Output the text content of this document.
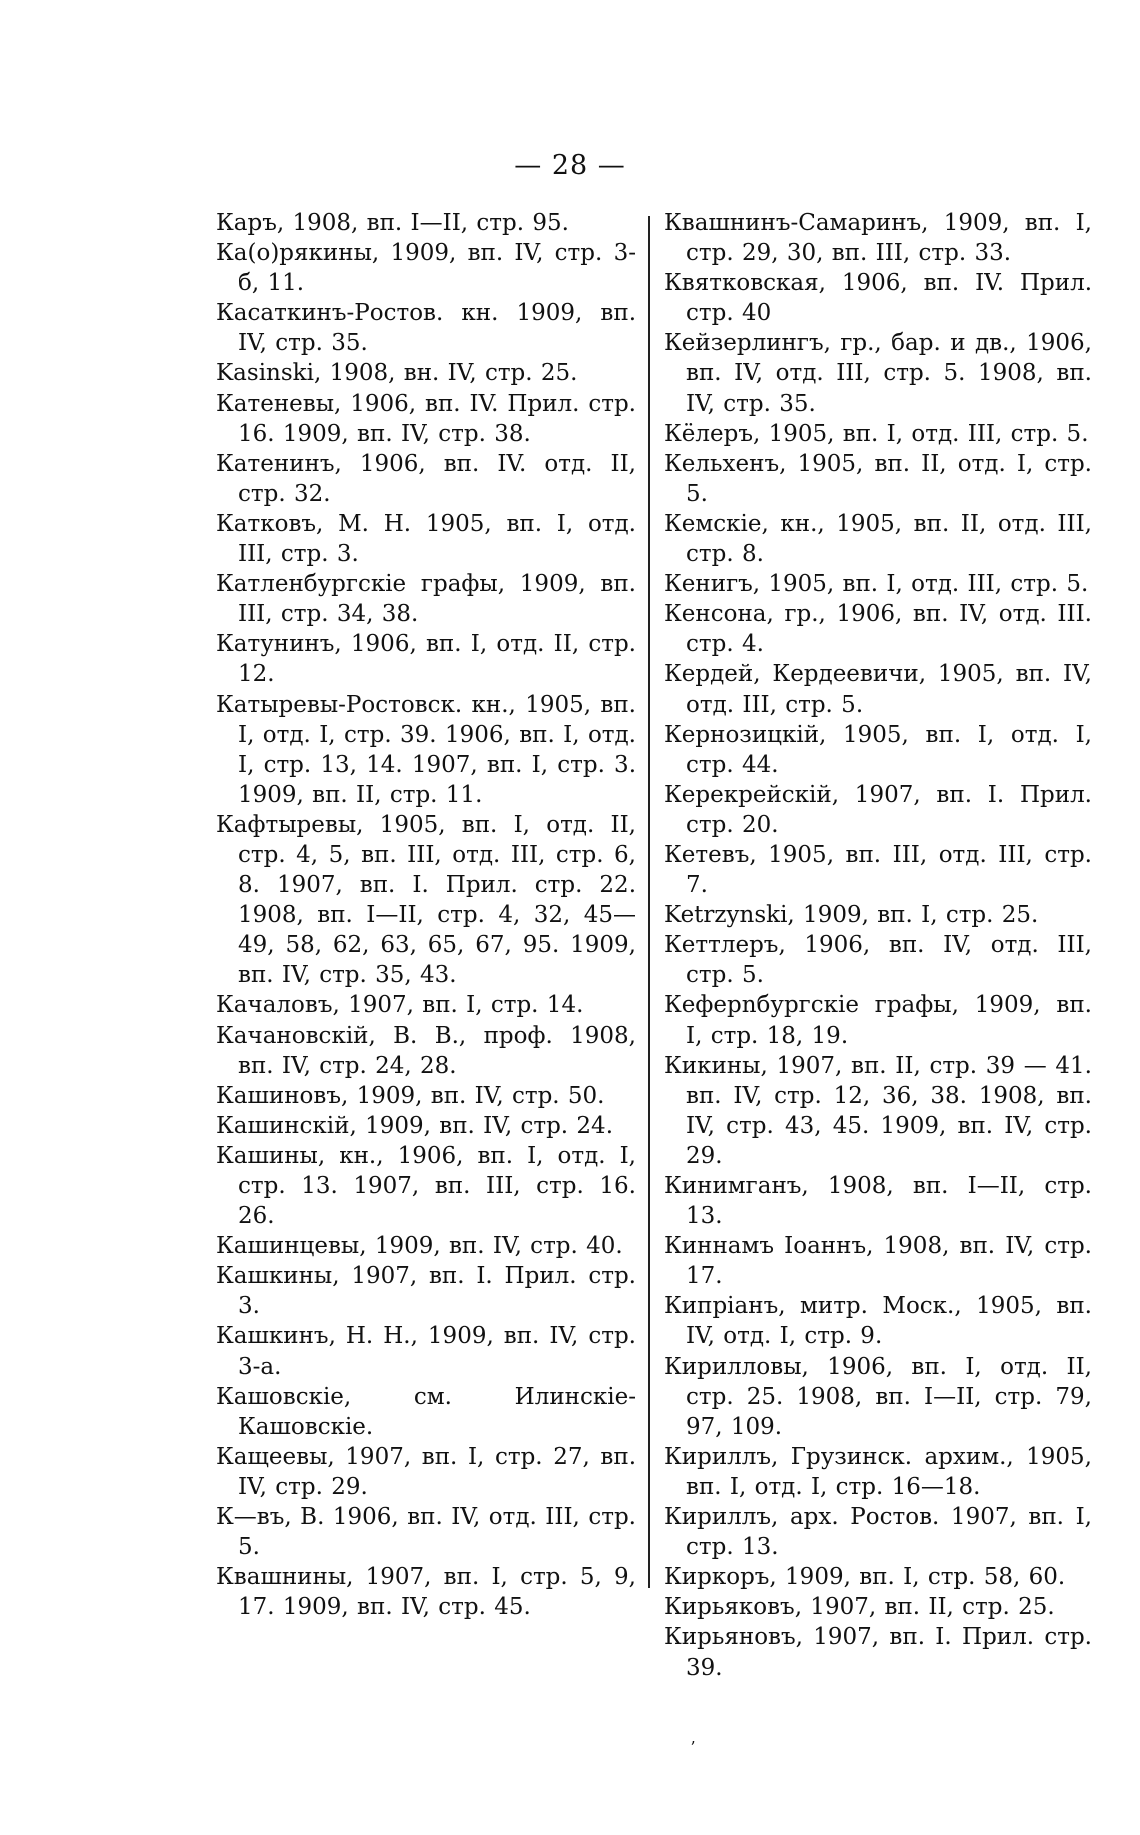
— 28 —

Каръ, 1908, вп. I—II, стр. 95.

Ка(о)рякины, 1909, вп. IV, стр. 3-б, 11.

Касаткинъ-Ростов. кн. 1909, вп. IV, стр. 35.

Kasinski, 1908, вн. IV, стр. 25.

Катеневы, 1906, вп. IV. Прил. стр. 16. 1909, вп. IV, стр. 38.

Катенинъ, 1906, вп. IV. отд. II, стр. 32.

Катковъ, М. Н. 1905, вп. I, отд. III, стр. 3.

Катленбургскіе графы, 1909, вп. III, стр. 34, 38.

Катунинъ, 1906, вп. I, отд. II, стр. 12.

Катыревы-Ростовск. кн., 1905, вп. I, отд. I, стр. 39. 1906, вп. I, отд. I, стр. 13, 14. 1907, вп. I, стр. 3. 1909, вп. II, стр. 11.

Кафтыревы, 1905, вп. I, отд. II, стр. 4, 5, вп. III, отд. III, стр. 6, 8. 1907, вп. I. Прил. стр. 22. 1908, вп. I—II, стр. 4, 32, 45—49, 58, 62, 63, 65, 67, 95. 1909, вп. IV, стр. 35, 43.

Качаловъ, 1907, вп. I, стр. 14.

Качановскій, В. В., проф. 1908, вп. IV, стр. 24, 28.

Кашиновъ, 1909, вп. IV, стр. 50.

Кашинскій, 1909, вп. IV, стр. 24.

Кашины, кн., 1906, вп. I, отд. I, стр. 13. 1907, вп. III, стр. 16. 26.

Кашинцевы, 1909, вп. IV, стр. 40.

Кашкины, 1907, вп. I. Прил. стр. 3.

Кашкинъ, Н. Н., 1909, вп. IV, стр. 3-а.

Кашовскіе, см. Илинскіе-Кашовскіе.

Кащеевы, 1907, вп. I, стр. 27, вп. IV, стр. 29.

К—въ, В. 1906, вп. IV, отд. III, стр. 5.

Квашнины, 1907, вп. I, стр. 5, 9, 17. 1909, вп. IV, стр. 45.

Квашнинъ-Самаринъ, 1909, вп. I, стр. 29, 30, вп. III, стр. 33.

Квятковская, 1906, вп. IV. Прил. стр. 40

Кейзерлингъ, гр., бар. и дв., 1906, вп. IV, отд. III, стр. 5. 1908, вп. IV, стр. 35.

Кёлеръ, 1905, вп. I, отд. III, стр. 5.

Кельхенъ, 1905, вп. II, отд. I, стр. 5.

Кемскіе, кн., 1905, вп. II, отд. III, стр. 8.

Кенигъ, 1905, вп. I, отд. III, стр. 5.

Кенсона, гр., 1906, вп. IV, отд. III. стр. 4.

Кердей, Кердеевичи, 1905, вп. IV, отд. III, стр. 5.

Кернозицкій, 1905, вп. I, отд. I, стр. 44.

Керекрейскій, 1907, вп. I. Прил. стр. 20.

Кетевъ, 1905, вп. III, отд. III, стр. 7.

Ketrzynski, 1909, вп. I, стр. 25.

Кеттлеръ, 1906, вп. IV, отд. III, стр. 5.

Кеферnбургскіе графы, 1909, вп. I, стр. 18, 19.

Кикины, 1907, вп. II, стр. 39 — 41. вп. IV, стр. 12, 36, 38. 1908, вп. IV, стр. 43, 45. 1909, вп. IV, стр. 29.

Кинимганъ, 1908, вп. I—II, стр. 13.

Киннамъ Іоаннъ, 1908, вп. IV, стр. 17.

Кипріанъ, митр. Моск., 1905, вп. IV, отд. I, стр. 9.

Кирилловы, 1906, вп. I, отд. II, стр. 25. 1908, вп. I—II, стр. 79, 97, 109.

Кириллъ, Грузинск. архим., 1905, вп. I, отд. I, стр. 16—18.

Кириллъ, арх. Ростов. 1907, вп. I, стр. 13.

Киркоръ, 1909, вп. I, стр. 58, 60.

Кирьяковъ, 1907, вп. II, стр. 25.

Кирьяновъ, 1907, вп. I. Прил. стр. 39.

ʼ
